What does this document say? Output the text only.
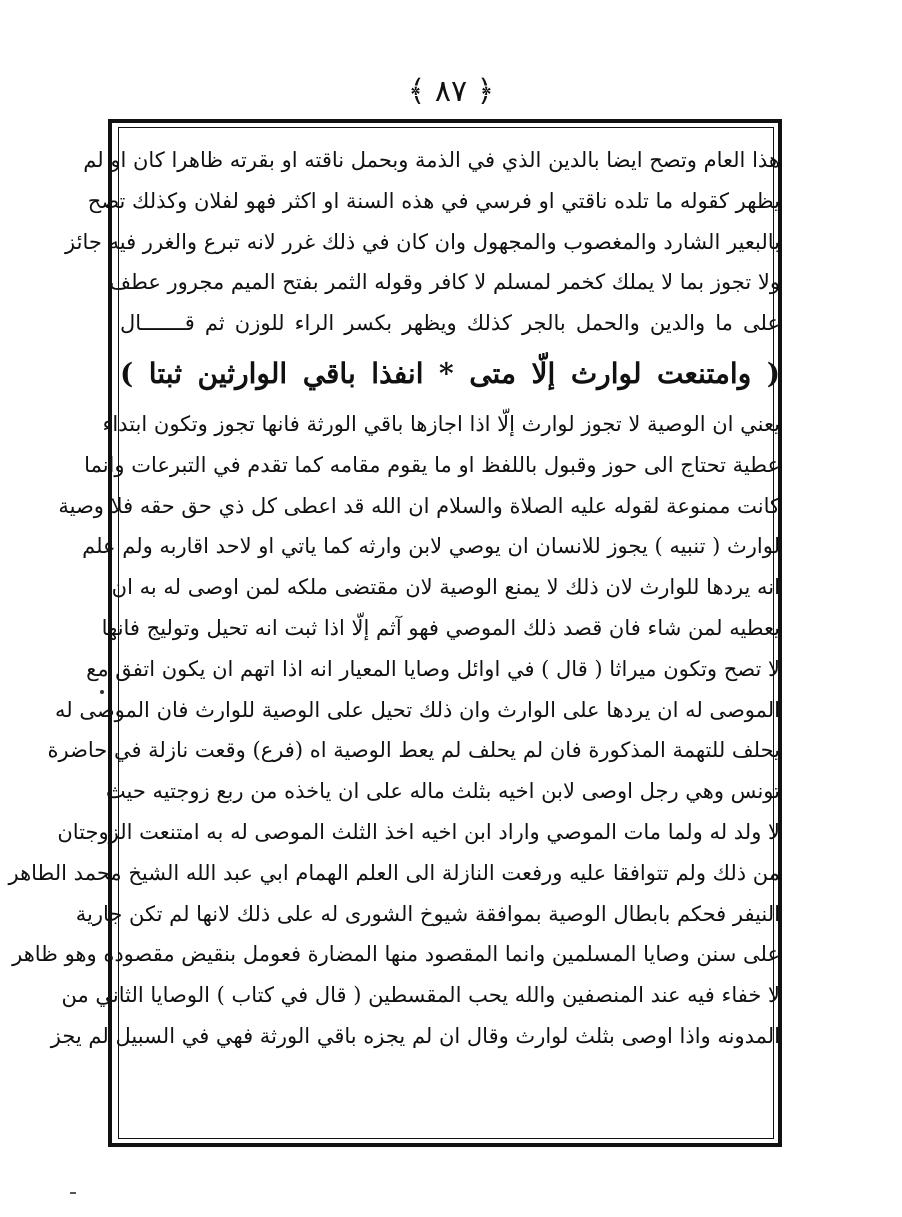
﴿ ٨٧ ﴾
هذا العام وتصح ايضا بالدين الذي في الذمة وبحمل ناقته او بقرته ظاهرا كان او لم
يظهر كقوله ما تلده ناقتي او فرسي في هذه السنة او اكثر فهو لفلان وكذلك تصح
بالبعير الشارد والمغصوب والمجهول وان كان في ذلك غرر لانه تبرع والغرر فيه جائز
ولا تجوز بما لا يملك كخمر لمسلم لا كافر وقوله الثمر بفتح الميم مجرور عطف
على ما والدين والحمل بالجر كذلك ويظهر بكسر الراء للوزن ثم قـــــــال
( وامتنعت لوارث إلّا متى * انفذا باقي الوارثين ثبتا )
يعني ان الوصية لا تجوز لوارث إلّا اذا اجازها باقي الورثة فانها تجوز وتكون ابتداء
عطية تحتاج الى حوز وقبول باللفظ او ما يقوم مقامه كما تقدم في التبرعات وانما
كانت ممنوعة لقوله عليه الصلاة والسلام ان الله قد اعطى كل ذي حق حقه فلا وصية
لوارث ( تنبيه ) يجوز للانسان ان يوصي لابن وارثه كما ياتي او لاحد اقاربه ولم علم
انه يردها للوارث لان ذلك لا يمنع الوصية لان مقتضى ملكه لمن اوصى له به ان
يعطيه لمن شاء فان قصد ذلك الموصي فهو آثم إلّا اذا ثبت انه تحيل وتوليج فانها
لا تصح وتكون ميراثا ( قال ) في اوائل وصايا المعيار انه اذا اتهم ان يكون اتفق مع
الموصى له ان يردها على الوارث وان ذلك تحيل على الوصية للوارث فان الموصى له
يحلف للتهمة المذكورة فان لم يحلف لم يعط الوصية اه (فرع) وقعت نازلة في حاضرة
تونس وهي رجل اوصى لابن اخيه بثلث ماله على ان ياخذه من ربع زوجتيه حيث
لا ولد له ولما مات الموصي واراد ابن اخيه اخذ الثلث الموصى له به امتنعت الزوجتان
من ذلك ولم تتوافقا عليه ورفعت النازلة الى العلم الهمام ابي عبد الله الشيخ محمد الطاهر
النيفر فحكم بابطال الوصية بموافقة شيوخ الشورى له على ذلك لانها لم تكن جارية
على سنن وصايا المسلمين وانما المقصود منها المضارة فعومل بنقيض مقصوده وهو ظاهر
لا خفاء فيه عند المنصفين والله يحب المقسطين ( قال في كتاب ) الوصايا الثاني من
المدونه واذا اوصى بثلث لوارث وقال ان لم يجزه باقي الورثة فهي في السبيل لم يجز
